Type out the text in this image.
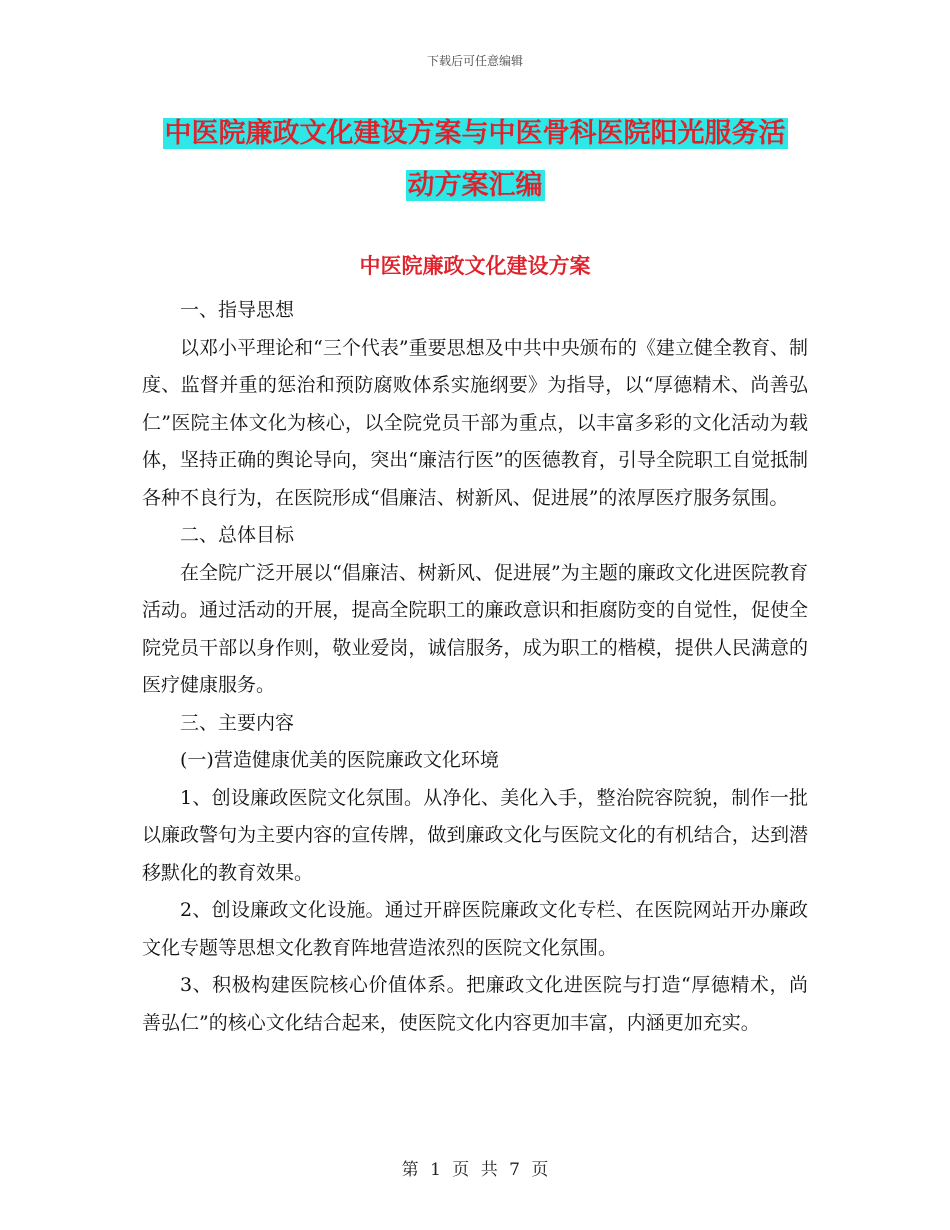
下载后可任意编辑
中医院廉政文化建设方案与中医骨科医院阳光服务活
动方案汇编
中医院廉政文化建设方案

一、指导思想

以邓小平理论和“三个代表”重要思想及中共中央颁布的《建立健全教育、制度、监督并重的惩治和预防腐败体系实施纲要》为指导，以“厚德精术、尚善弘仁”医院主体文化为核心，以全院党员干部为重点，以丰富多彩的文化活动为载体，坚持正确的舆论导向，突出“廉洁行医”的医德教育，引导全院职工自觉抵制各种不良行为，在医院形成“倡廉洁、树新风、促进展”的浓厚医疗服务氛围。

二、总体目标

在全院广泛开展以“倡廉洁、树新风、促进展”为主题的廉政文化进医院教育活动。通过活动的开展，提高全院职工的廉政意识和拒腐防变的自觉性，促使全院党员干部以身作则，敬业爱岗，诚信服务，成为职工的楷模，提供人民满意的医疗健康服务。

三、主要内容

(一)营造健康优美的医院廉政文化环境

1、创设廉政医院文化氛围。从净化、美化入手，整治院容院貌，制作一批以廉政警句为主要内容的宣传牌，做到廉政文化与医院文化的有机结合，达到潜移默化的教育效果。

2、创设廉政文化设施。通过开辟医院廉政文化专栏、在医院网站开办廉政文化专题等思想文化教育阵地营造浓烈的医院文化氛围。

3、积极构建医院核心价值体系。把廉政文化进医院与打造“厚德精术，尚善弘仁”的核心文化结合起来，使医院文化内容更加丰富，内涵更加充实。

第 1 页 共 7 页
